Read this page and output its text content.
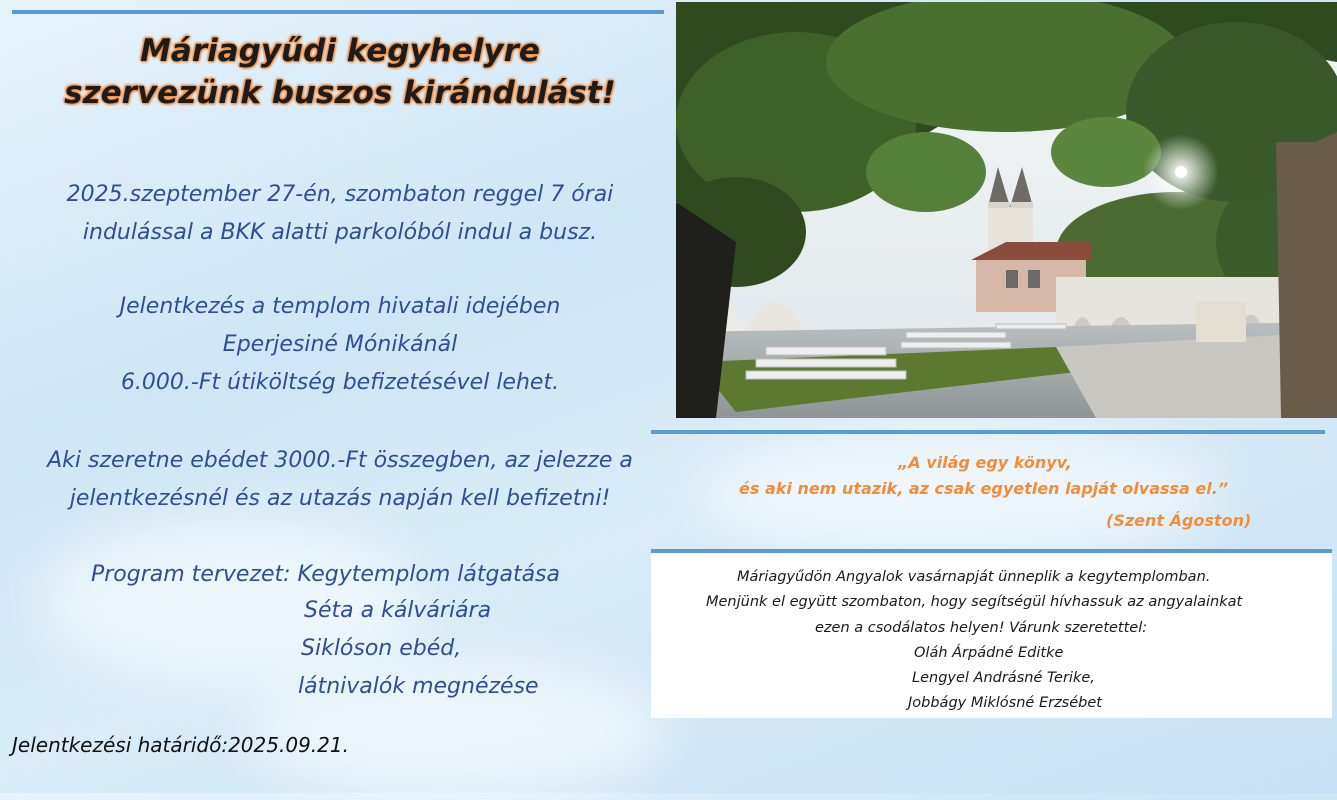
Máriagyűdi kegyhelyre
szervezünk buszos kirándulást!
2025.szeptember 27-én, szombaton reggel 7 órai
indulással a BKK alatti parkolóból indul a busz.
Jelentkezés a templom hivatali idejében
Eperjesiné Mónikánál
6.000.-Ft útiköltség befizetésével lehet.
Aki szeretne ebédet 3000.-Ft összegben, az jelezze a
jelentkezésnél és az utazás napján kell befizetni!
Program tervezet: Kegytemplom látgatása
Séta a kálváriára
Siklóson ebéd,
látnivalók megnézése
Jelentkezési határidő:2025.09.21.
„A világ egy könyv,
és aki nem utazik, az csak egyetlen lapját olvassa el.”
(Szent Ágoston)
Máriagyűdön Angyalok vasárnapját ünneplik a kegytemplomban.
Menjünk el együtt szombaton, hogy segítségül hívhassuk az angyalainkat
ezen a csodálatos helyen! Várunk szeretettel:
Oláh Árpádné Editke
Lengyel Andrásné Terike,
Jobbágy Miklósné Erzsébet
